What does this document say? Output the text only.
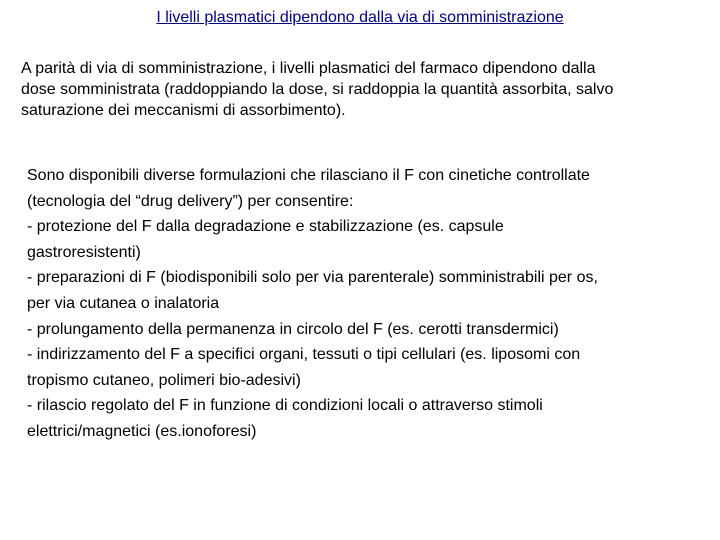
I livelli plasmatici dipendono dalla via di somministrazione

A parità di via di somministrazione, i livelli plasmatici del farmaco dipendono dalla
dose somministrata (raddoppiando la dose, si raddoppia la quantità assorbita, salvo
saturazione dei meccanismi di assorbimento).

Sono disponibili diverse formulazioni che rilasciano il F con cinetiche controllate
(tecnologia del “drug delivery”) per consentire:
- protezione del F dalla degradazione e stabilizzazione (es. capsule
gastroresistenti)
- preparazioni di F (biodisponibili solo per via parenterale) somministrabili per os,
per via cutanea o inalatoria
- prolungamento della permanenza in circolo del F (es. cerotti transdermici)
- indirizzamento del F a specifici organi, tessuti o tipi cellulari (es. liposomi con
tropismo cutaneo, polimeri bio-adesivi)
- rilascio regolato del F in funzione di condizioni locali o attraverso stimoli
elettrici/magnetici (es.ionoforesi)
